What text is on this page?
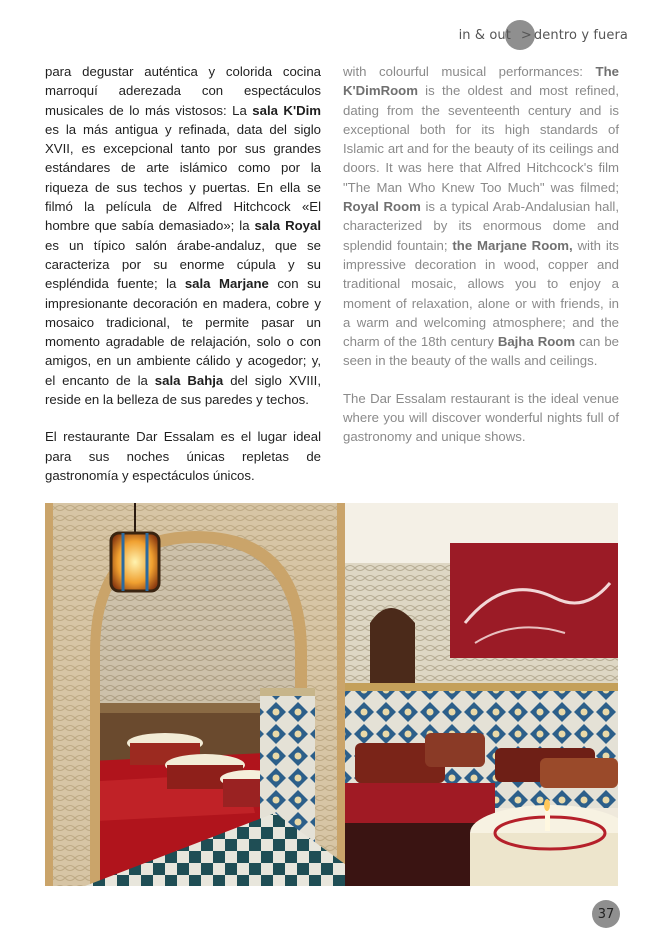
in & out > dentro y fuera

para degustar auténtica y colorida cocina marroquí aderezada con espectáculos musicales de lo más vistosos: La sala K'Dim es la más antigua y refinada, data del siglo XVII, es excepcional tanto por sus grandes estándares de arte islámico como por la riqueza de sus techos y puertas. En ella se filmó la película de Alfred Hitchcock «El hombre que sabía demasiado»; la sala Royal es un típico salón árabe-andaluz, que se caracteriza por su enorme cúpula y su espléndida fuente; la sala Marjane con su impresionante decoración en madera, cobre y mosaico tradicional, te permite pasar un momento agradable de relajación, solo o con amigos, en un ambiente cálido y acogedor; y, el encanto de la sala Bahja del siglo XVIII, reside en la belleza de sus paredes y techos.

El restaurante Dar Essalam es el lugar ideal para sus noches únicas repletas de gastronomía y espectáculos únicos.

with colourful musical performances: The K'DimRoom is the oldest and most refined, dating from the seventeenth century and is exceptional both for its high standards of Islamic art and for the beauty of its ceilings and doors. It was here that Alfred Hitchcock's film "The Man Who Knew Too Much" was filmed; Royal Room is a typical Arab-Andalusian hall, characterized by its enormous dome and splendid fountain; the Marjane Room, with its impressive decoration in wood, copper and traditional mosaic, allows you to enjoy a moment of relaxation, alone or with friends, in a warm and welcoming atmosphere; and the charm of the 18th century Bajha Room can be seen in the beauty of the walls and ceilings.

The Dar Essalam restaurant is the ideal venue where you will discover wonderful nights full of gastronomy and unique shows.

37
